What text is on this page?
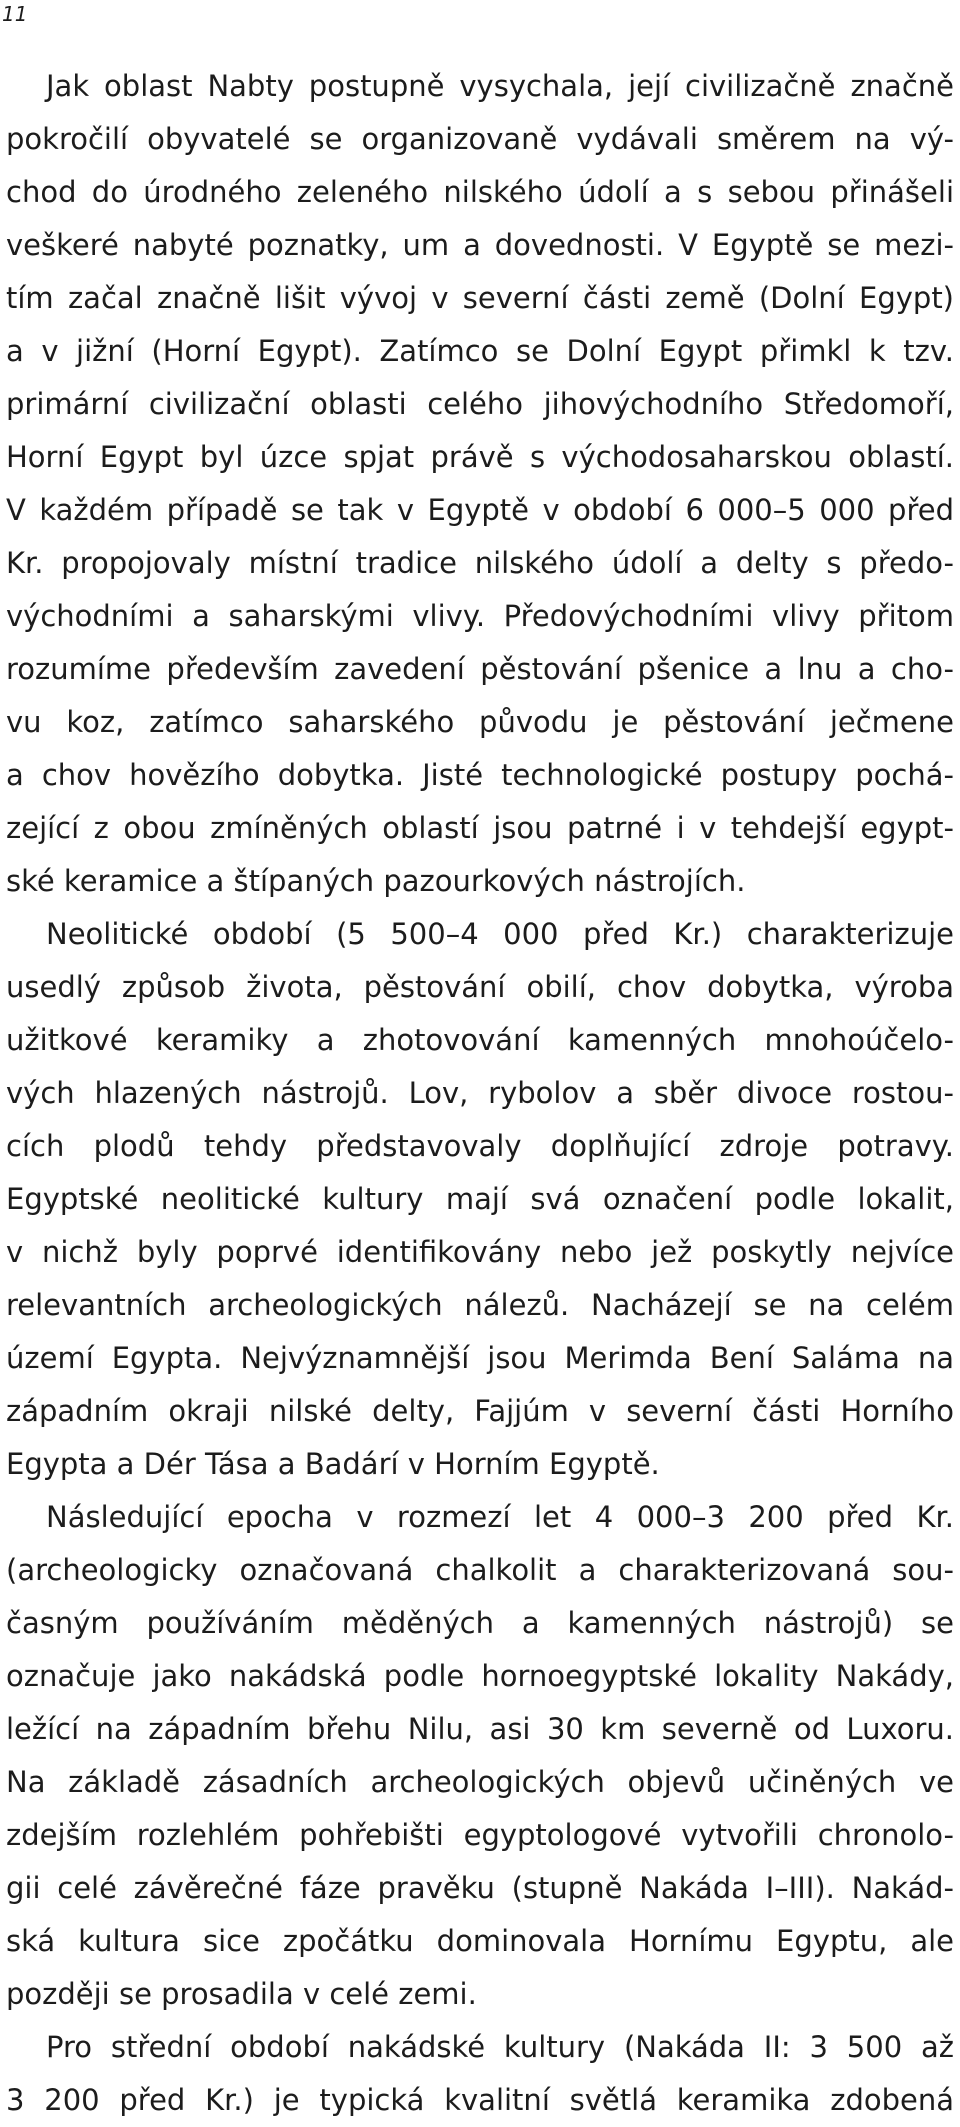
11
Jak oblast Nabty postupně vysychala, její civilizačně značně
pokročilí obyvatelé se organizovaně vydávali směrem na vý-
chod do úrodného zeleného nilského údolí a s sebou přinášeli
veškeré nabyté poznatky, um a dovednosti. V Egyptě se mezi-
tím začal značně lišit vývoj v severní části země (Dolní Egypt)
a v jižní (Horní Egypt). Zatímco se Dolní Egypt přimkl k tzv.
primární civilizační oblasti celého jihovýchodního Středomoří,
Horní Egypt byl úzce spjat právě s východosaharskou oblastí.
V každém případě se tak v Egyptě v období 6 000–5 000 před
Kr. propojovaly místní tradice nilského údolí a delty s předo-
východními a saharskými vlivy. Předovýchodními vlivy přitom
rozumíme především zavedení pěstování pšenice a lnu a cho-
vu koz, zatímco saharského původu je pěstování ječmene
a chov hovězího dobytka. Jisté technologické postupy pochá-
zející z obou zmíněných oblastí jsou patrné i v tehdejší egypt-
ské keramice a štípaných pazourkových nástrojích.
Neolitické období (5 500–4 000 před Kr.) charakterizuje
usedlý způsob života, pěstování obilí, chov dobytka, výroba
užitkové keramiky a zhotovování kamenných mnohoúčelo-
vých hlazených nástrojů. Lov, rybolov a sběr divoce rostou-
cích plodů tehdy představovaly doplňující zdroje potravy.
Egyptské neolitické kultury mají svá označení podle lokalit,
v nichž byly poprvé identifikovány nebo jež poskytly nejvíce
relevantních archeologických nálezů. Nacházejí se na celém
území Egypta. Nejvýznamnější jsou Merimda Bení Saláma na
západním okraji nilské delty, Fajjúm v severní části Horního
Egypta a Dér Tása a Badárí v Horním Egyptě.
Následující epocha v rozmezí let 4 000–3 200 před Kr.
(archeologicky označovaná chalkolit a charakterizovaná sou-
časným používáním měděných a kamenných nástrojů) se
označuje jako nakádská podle hornoegyptské lokality Nakády,
ležící na západním břehu Nilu, asi 30 km severně od Luxoru.
Na základě zásadních archeologických objevů učiněných ve
zdejším rozlehlém pohřebišti egyptologové vytvořili chronolo-
gii celé závěrečné fáze pravěku (stupně Nakáda I–III). Nakád-
ská kultura sice zpočátku dominovala Hornímu Egyptu, ale
později se prosadila v celé zemi.
Pro střední období nakádské kultury (Nakáda II: 3 500 až
3 200 před Kr.) je typická kvalitní světlá keramika zdobená
